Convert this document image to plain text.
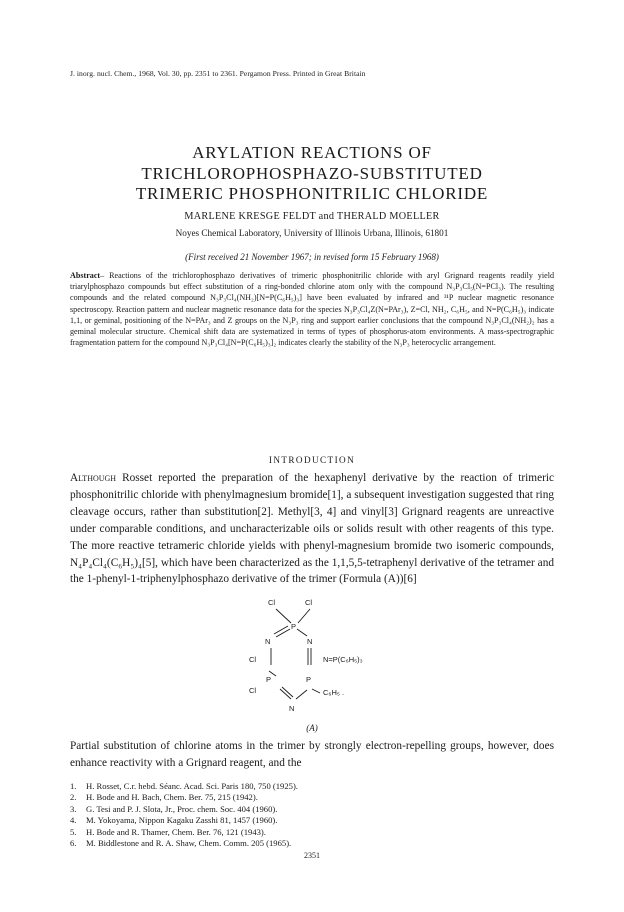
J. inorg. nucl. Chem., 1968, Vol. 30, pp. 2351 to 2361. Pergamon Press. Printed in Great Britain
ARYLATION REACTIONS OF
TRICHLOROPHOSPHAZO-SUBSTITUTED
TRIMERIC PHOSPHONITRILIC CHLORIDE
MARLENE KRESGE FELDT and THERALD MOELLER
Noyes Chemical Laboratory, University of Illinois Urbana, Illinois, 61801
(First received 21 November 1967; in revised form 15 February 1968)

Abstract– Reactions of the trichlorophosphazo derivatives of trimeric phosphonitrilic chloride with aryl Grignard reagents readily yield triarylphosphazo compounds but effect substitution of a ring-bonded chlorine atom only with the compound N₃P₃Cl₅(N=PCl₃). The resulting compounds and the related compound N₃P₃Cl₄(NH₂)[N=P(C₆H₅)₃] have been evaluated by infrared and ³¹P nuclear magnetic resonance spectroscopy. Reaction pattern and nuclear magnetic resonance data for the species N₃P₃Cl₄Z(N=PAr₃), Z=Cl, NH₂, C₆H₅, and N=P(C₆H₅)₃ indicate 1,1, or geminal, positioning of the N=PAr₃ and Z groups on the N₃P₃ ring and support earlier conclusions that the compound N₃P₃Cl₄(NH₂)₂ has a geminal molecular structure. Chemical shift data are systematized in terms of types of phosphorus-atom environments. A mass-spectrographic fragmentation pattern for the compound N₃P₃Cl₄[N=P(C₆H₅)₃]₂ indicates clearly the stability of the N₃P₃ heterocyclic arrangement.

INTRODUCTION

Although Rosset reported the preparation of the hexaphenyl derivative by the reaction of trimeric phosphonitrilic chloride with phenylmagnesium bromide[1], a subsequent investigation suggested that ring cleavage occurs, rather than substitution[2]. Methyl[3, 4] and vinyl[3] Grignard reagents are unreactive under comparable conditions, and uncharacterizable oils or solids result with other reagents of this type. The more reactive tetrameric chloride yields with phenyl-magnesium bromide two isomeric compounds, N₄P₄Cl₄(C₆H₅)₄[5], which have been characterized as the 1,1,5,5-tetraphenyl derivative of the tetramer and the 1-phenyl-1-triphenylphosphazo derivative of the trimer (Formula (A))[6]

Cl	Cl
P
N	N
Cl	N=P(C₆H₅)₃
P	P
Cl	C₆H₅ .
N
(A)

Partial substitution of chlorine atoms in the trimer by strongly electron-repelling groups, however, does enhance reactivity with a Grignard reagent, and the

1. H. Rosset, C.r. hebd. Séanc. Acad. Sci. Paris 180, 750 (1925).
2. H. Bode and H. Bach, Chem. Ber. 75, 215 (1942).
3. G. Tesi and P. J. Slota, Jr., Proc. chem. Soc. 404 (1960).
4. M. Yokoyama, Nippon Kagaku Zasshi 81, 1457 (1960).
5. H. Bode and R. Thamer, Chem. Ber. 76, 121 (1943).
6. M. Biddlestone and R. A. Shaw, Chem. Comm. 205 (1965).
2351
